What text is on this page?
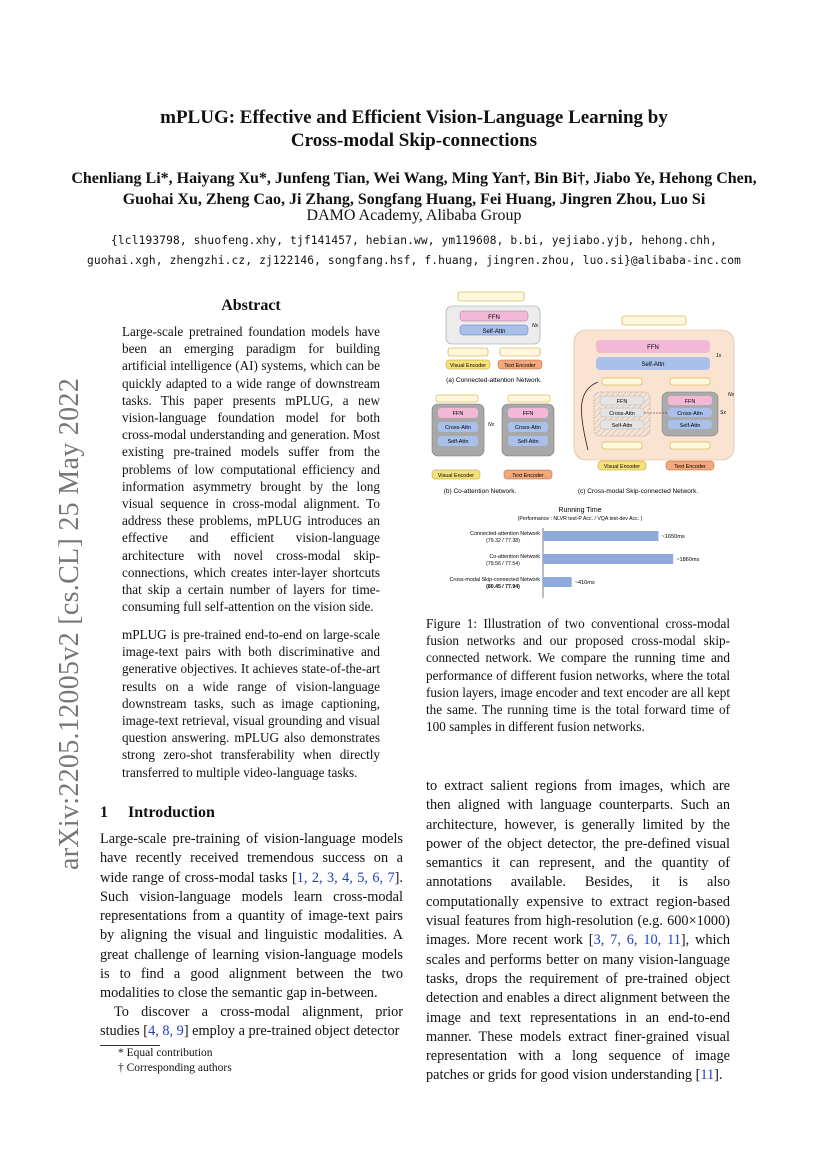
mPLUG: Effective and Efficient Vision-Language Learning by
Cross-modal Skip-connections
Chenliang Li*, Haiyang Xu*, Junfeng Tian, Wei Wang, Ming Yan†, Bin Bi†, Jiabo Ye, Hehong Chen,
Guohai Xu, Zheng Cao, Ji Zhang, Songfang Huang, Fei Huang, Jingren Zhou, Luo Si
DAMO Academy, Alibaba Group
{lcl193798, shuofeng.xhy, tjf141457, hebian.ww, ym119608, b.bi, yejiabo.yjb, hehong.chh,
guohai.xgh, zhengzhi.cz, zj122146, songfang.hsf, f.huang, jingren.zhou, luo.si}@alibaba-inc.com
arXiv:2205.12005v2 [cs.CL] 25 May 2022
Abstract
Large-scale pretrained foundation models have been an emerging paradigm for building artificial intelligence (AI) systems, which can be quickly adapted to a wide range of downstream tasks. This paper presents mPLUG, a new vision-language foundation model for both cross-modal understanding and generation. Most existing pre-trained models suffer from the problems of low computational efficiency and information asymmetry brought by the long visual sequence in cross-modal alignment. To address these problems, mPLUG introduces an effective and efficient vision-language architecture with novel cross-modal skip-connections, which creates inter-layer shortcuts that skip a certain number of layers for time-consuming full self-attention on the vision side.
mPLUG is pre-trained end-to-end on large-scale image-text pairs with both discriminative and generative objectives. It achieves state-of-the-art results on a wide range of vision-language downstream tasks, such as image captioning, image-text retrieval, visual grounding and visual question answering. mPLUG also demonstrates strong zero-shot transferability when directly transferred to multiple video-language tasks.
1 Introduction
Large-scale pre-training of vision-language models have recently received tremendous success on a wide range of cross-modal tasks [1, 2, 3, 4, 5, 6, 7]. Such vision-language models learn cross-modal representations from a quantity of image-text pairs by aligning the visual and linguistic modalities. A great challenge of learning vision-language models is to find a good alignment between the two modalities to close the semantic gap in-between.
To discover a cross-modal alignment, prior studies [4, 8, 9] employ a pre-trained object detector
* Equal contribution
† Corresponding authors
FFN
Self-Attn
Nx
Visual Encoder	Text Encoder
(a) Connected-attention Network.
FFN
Cross-Attn
Self-Attn
FFN
Cross-Attn
Self-Attn
Nx
Visual Encoder	Text Encoder
(b) Co-attention Network.
FFN
Self-Attn
1x
Nx
FFN
Cross-Attn
Self-Attn
FFN
Cross-Attn
Self-Attn
Sx
Visual Encoder	Text Encoder
(c) Cross-modal Skip-connected Network.
Running Time
(Performance : NLVR test-P Acc. / VQA test-dev Acc. )
Connected-attention Network
(79.32 / 77.38)
~1650ms
Co-attention Network
(79.56 / 77.54)
~1860ms
Cross-modal Skip-connected Network
(80.45 / 77.94)
~410ms
Figure 1: Illustration of two conventional cross-modal fusion networks and our proposed cross-modal skip-connected network. We compare the running time and performance of different fusion networks, where the total fusion layers, image encoder and text encoder are all kept the same. The running time is the total forward time of 100 samples in different fusion networks.
to extract salient regions from images, which are then aligned with language counterparts. Such an architecture, however, is generally limited by the power of the object detector, the pre-defined visual semantics it can represent, and the quantity of annotations available. Besides, it is also computationally expensive to extract region-based visual features from high-resolution (e.g. 600×1000) images. More recent work [3, 7, 6, 10, 11], which scales and performs better on many vision-language tasks, drops the requirement of pre-trained object detection and enables a direct alignment between the image and text representations in an end-to-end manner. These models extract finer-grained visual representation with a long sequence of image patches or grids for good vision understanding [11].
